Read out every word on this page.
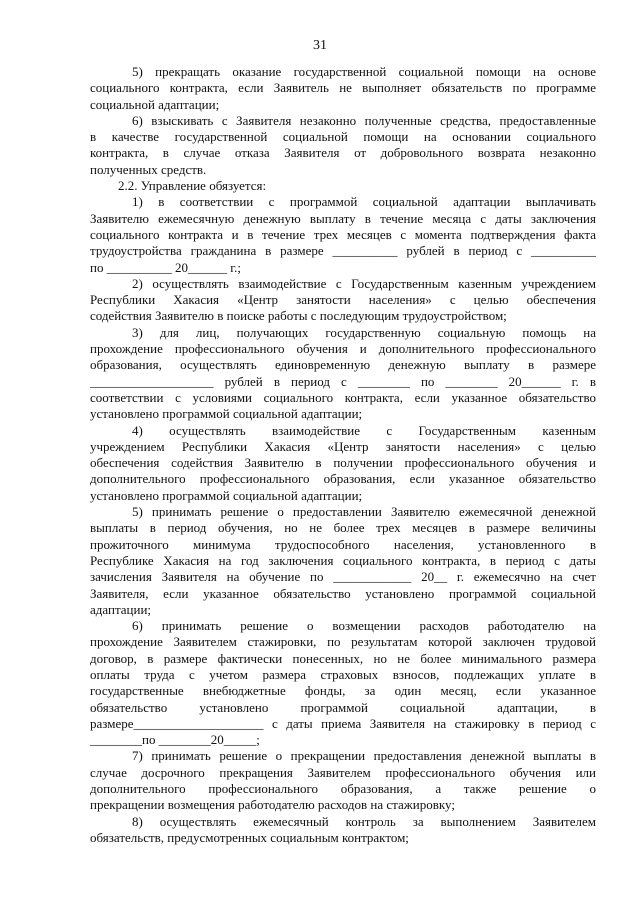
31
5) прекращать оказание государственной социальной помощи на основе
социального контракта, если Заявитель не выполняет обязательств по программе
социальной адаптации;
6) взыскивать с Заявителя незаконно полученные средства, предоставленные
в качестве государственной социальной помощи на основании социального
контракта, в случае отказа Заявителя от добровольного возврата незаконно
полученных средств.
2.2. Управление обязуется:
1) в соответствии с программой социальной адаптации выплачивать
Заявителю ежемесячную денежную выплату в течение месяца с даты заключения
социального контракта и в течение трех месяцев с момента подтверждения факта
трудоустройства гражданина в размере __________ рублей в период с __________
по __________ 20______ г.;
2) осуществлять взаимодействие с Государственным казенным учреждением
Республики Хакасия «Центр занятости населения» с целью обеспечения
содействия Заявителю в поиске работы с последующим трудоустройством;
3) для лиц, получающих государственную социальную помощь на
прохождение профессионального обучения и дополнительного профессионального
образования, осуществлять единовременную денежную выплату в размере
___________________ рублей в период с ________ по ________ 20______ г. в
соответствии с условиями социального контракта, если указанное обязательство
установлено программой социальной адаптации;
4) осуществлять взаимодействие с Государственным казенным
учреждением Республики Хакасия «Центр занятости населения» с целью
обеспечения содействия Заявителю в получении профессионального обучения и
дополнительного профессионального образования, если указанное обязательство
установлено программой социальной адаптации;
5) принимать решение о предоставлении Заявителю ежемесячной денежной
выплаты в период обучения, но не более трех месяцев в размере величины
прожиточного минимума трудоспособного населения, установленного в
Республике Хакасия на год заключения социального контракта, в период с даты
зачисления Заявителя на обучение по ____________ 20__ г. ежемесячно на счет
Заявителя, если указанное обязательство установлено программой социальной
адаптации;
6) принимать решение о возмещении расходов работодателю на
прохождение Заявителем стажировки, по результатам которой заключен трудовой
договор, в размере фактически понесенных, но не более минимального размера
оплаты труда с учетом размера страховых взносов, подлежащих уплате в
государственные внебюджетные фонды, за один месяц, если указанное
обязательство установлено программой социальной адаптации, в
размере____________________ с даты приема Заявителя на стажировку в период с
________по ________20_____;
7) принимать решение о прекращении предоставления денежной выплаты в
случае досрочного прекращения Заявителем профессионального обучения или
дополнительного профессионального образования, а также решение о
прекращении возмещения работодателю расходов на стажировку;
8) осуществлять ежемесячный контроль за выполнением Заявителем
обязательств, предусмотренных социальным контрактом;
